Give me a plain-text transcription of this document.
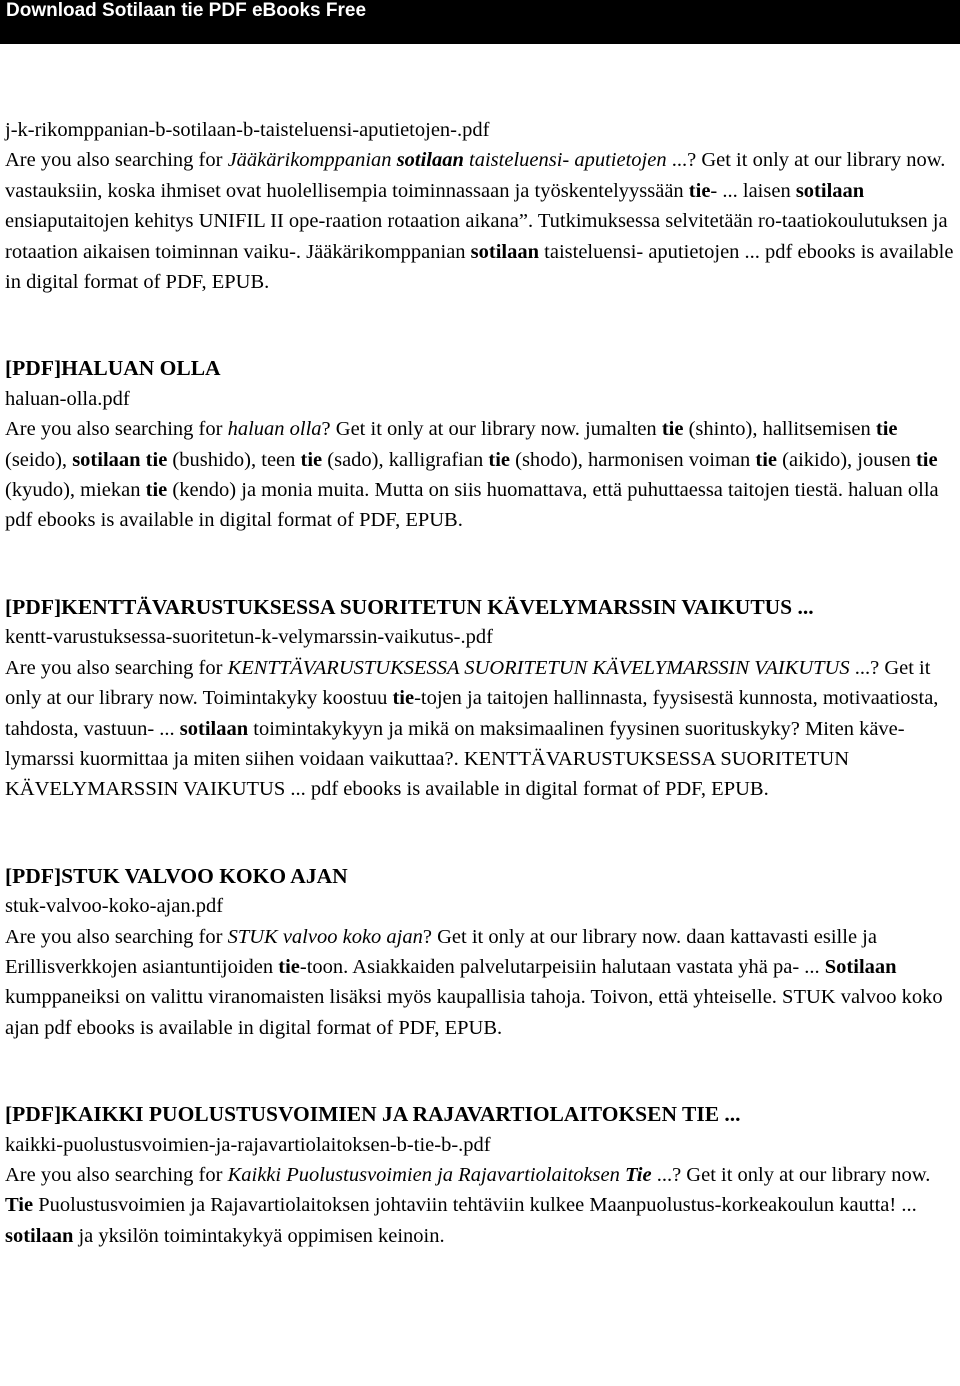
Download Sotilaan tie PDF eBooks Free

j-k-rikomppanian-b-sotilaan-b-taisteluensi-aputietojen-.pdf

Are you also searching for Jääkärikomppanian sotilaan taisteluensi- aputietojen ...? Get it only at our library now. vastauksiin, koska ihmiset ovat huolellisempia toiminnassaan ja työskentelyyssään tie- ... laisen sotilaan ensiaputaitojen kehitys UNIFIL II ope-raation rotaation aikana”. Tutkimuksessa selvitetään ro-taatiokoulutuksen ja rotaation aikaisen toiminnan vaiku-. Jääkärikomppanian sotilaan taisteluensi- aputietojen ... pdf ebooks is available in digital format of PDF, EPUB.

[PDF]HALUAN OLLA

haluan-olla.pdf

Are you also searching for haluan olla? Get it only at our library now. jumalten tie (shinto), hallitsemisen tie (seido), sotilaan tie (bushido), teen tie (sado), kalligrafian tie (shodo), harmonisen voiman tie (aikido), jousen tie (kyudo), miekan tie (kendo) ja monia muita. Mutta on siis huomattava, että puhuttaessa taitojen tiestä. haluan olla pdf ebooks is available in digital format of PDF, EPUB.

[PDF]KENTTÄVARUSTUKSESSA SUORITETUN KÄVELYMARSSIN VAIKUTUS ...

kentt-varustuksessa-suoritetun-k-velymarssin-vaikutus-.pdf

Are you also searching for KENTTÄVARUSTUKSESSA SUORITETUN KÄVELYMARSSIN VAIKUTUS ...? Get it only at our library now. Toimintakyky koostuu tie-tojen ja taitojen hallinnasta, fyysisestä kunnosta, motivaatiosta, tahdosta, vastuun- ... sotilaan toimintakykyyn ja mikä on maksimaalinen fyysinen suorituskyky? Miten käve-lymarssi kuormittaa ja miten siihen voidaan vaikuttaa?. KENTTÄVARUSTUKSESSA SUORITETUN KÄVELYMARSSIN VAIKUTUS ... pdf ebooks is available in digital format of PDF, EPUB.

[PDF]STUK VALVOO KOKO AJAN

stuk-valvoo-koko-ajan.pdf

Are you also searching for STUK valvoo koko ajan? Get it only at our library now. daan kattavasti esille ja Erillisverkkojen asiantuntijoiden tie-toon. Asiakkaiden palvelutarpeisiin halutaan vastata yhä pa- ... Sotilaan kumppaneiksi on valittu viranomaisten lisäksi myös kaupallisia tahoja. Toivon, että yhteiselle. STUK valvoo koko ajan pdf ebooks is available in digital format of PDF, EPUB.

[PDF]KAIKKI PUOLUSTUSVOIMIEN JA RAJAVARTIOLAITOKSEN TIE ...

kaikki-puolustusvoimien-ja-rajavartiolaitoksen-b-tie-b-.pdf

Are you also searching for Kaikki Puolustusvoimien ja Rajavartiolaitoksen Tie ...? Get it only at our library now. Tie Puolustusvoimien ja Rajavartiolaitoksen johtaviin tehtäviin kulkee Maanpuolustus-korkeakoulun kautta! ... sotilaan ja yksilön toimintakykyä oppimisen keinoin.
